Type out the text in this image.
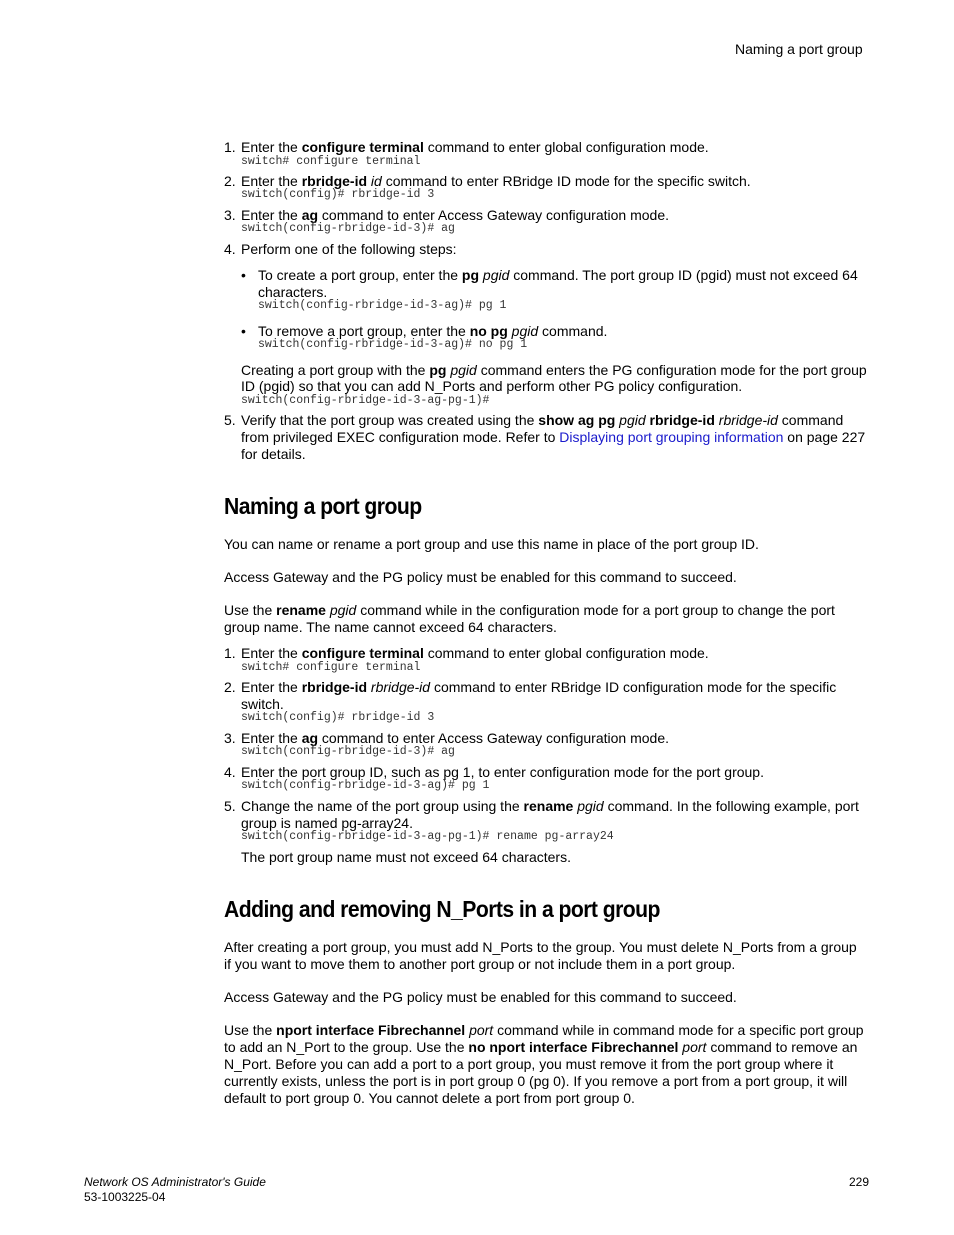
Naming a port group
1. Enter the configure terminal command to enter global configuration mode.
switch# configure terminal
2. Enter the rbridge-id id command to enter RBridge ID mode for the specific switch.
switch(config)# rbridge-id 3
3. Enter the ag command to enter Access Gateway configuration mode.
switch(config-rbridge-id-3)# ag
4. Perform one of the following steps:
• To create a port group, enter the pg pgid command. The port group ID (pgid) must not exceed 64
characters.
switch(config-rbridge-id-3-ag)# pg 1
• To remove a port group, enter the no pg pgid command.
switch(config-rbridge-id-3-ag)# no pg 1
Creating a port group with the pg pgid command enters the PG configuration mode for the port group
ID (pgid) so that you can add N_Ports and perform other PG policy configuration.
switch(config-rbridge-id-3-ag-pg-1)#
5. Verify that the port group was created using the show ag pg pgid rbridge-id rbridge-id command
from privileged EXEC configuration mode. Refer to Displaying port grouping information on page 227
for details.
Naming a port group
You can name or rename a port group and use this name in place of the port group ID.
Access Gateway and the PG policy must be enabled for this command to succeed.
Use the rename pgid command while in the configuration mode for a port group to change the port
group name. The name cannot exceed 64 characters.
1. Enter the configure terminal command to enter global configuration mode.
switch# configure terminal
2. Enter the rbridge-id rbridge-id command to enter RBridge ID configuration mode for the specific
switch.
switch(config)# rbridge-id 3
3. Enter the ag command to enter Access Gateway configuration mode.
switch(config-rbridge-id-3)# ag
4. Enter the port group ID, such as pg 1, to enter configuration mode for the port group.
switch(config-rbridge-id-3-ag)# pg 1
5. Change the name of the port group using the rename pgid command. In the following example, port
group is named pg-array24.
switch(config-rbridge-id-3-ag-pg-1)# rename pg-array24
The port group name must not exceed 64 characters.
Adding and removing N_Ports in a port group
After creating a port group, you must add N_Ports to the group. You must delete N_Ports from a group
if you want to move them to another port group or not include them in a port group.
Access Gateway and the PG policy must be enabled for this command to succeed.
Use the nport interface Fibrechannel port command while in command mode for a specific port group
to add an N_Port to the group. Use the no nport interface Fibrechannel port command to remove an
N_Port. Before you can add a port to a port group, you must remove it from the port group where it
currently exists, unless the port is in port group 0 (pg 0). If you remove a port from a port group, it will
default to port group 0. You cannot delete a port from port group 0.
Network OS Administrator's Guide
53-1003225-04
229
